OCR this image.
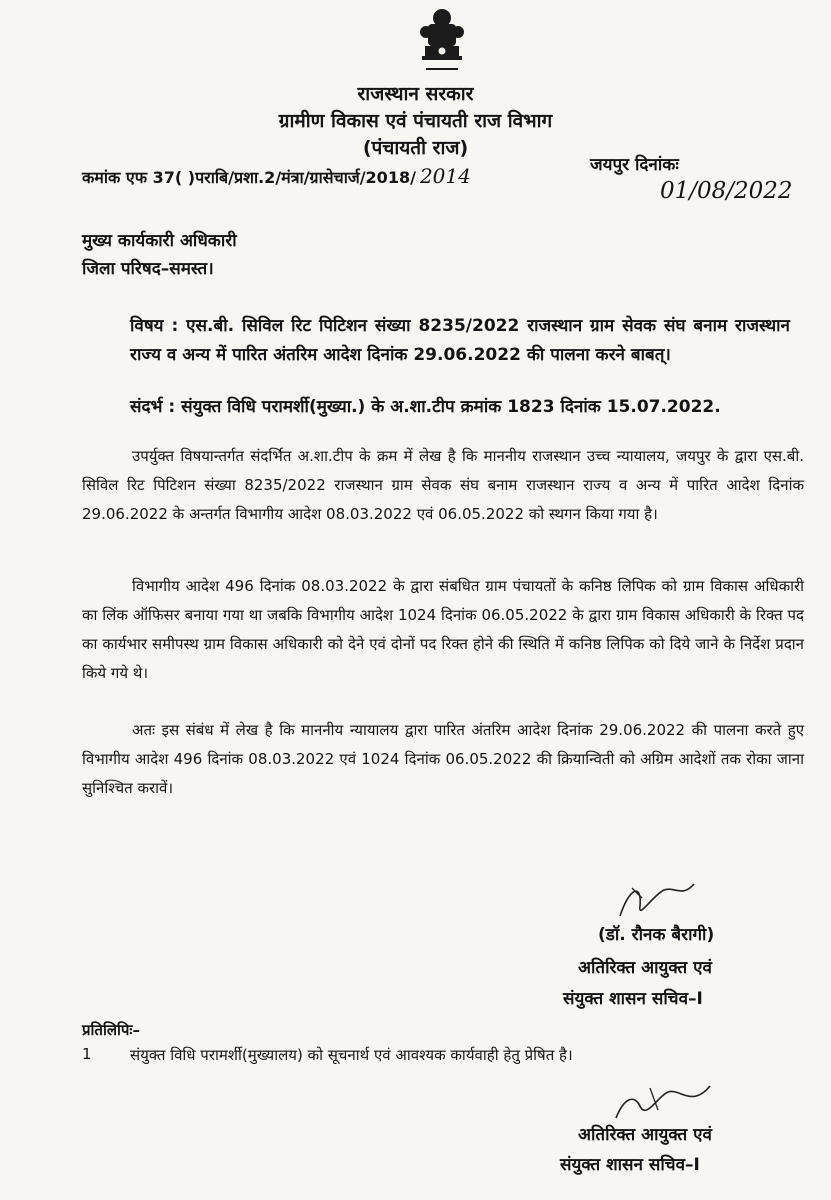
राजस्थान सरकार
ग्रामीण विकास एवं पंचायती राज विभाग
(पंचायती राज)
कमांक एफ 37( )पराबि/प्रशा.2/मंत्रा/ग्रासेचार्ज/2018/ 2014	जयपुर दिनांकः
01/08/2022
मुख्य कार्यकारी अधिकारी
जिला परिषद–समस्त।
विषय : एस.बी. सिविल रिट पिटिशन संख्या 8235/2022 राजस्थान ग्राम सेवक संघ बनाम राजस्थान राज्य व अन्य में पारित अंतरिम आदेश दिनांक 29.06.2022 की पालना करने बाबत्।
संदर्भ : संयुक्त विधि परामर्शी(मुख्या.) के अ.शा.टीप क्रमांक 1823 दिनांक 15.07.2022.
उपर्युक्त विषयान्तर्गत संदर्भित अ.शा.टीप के क्रम में लेख है कि माननीय राजस्थान उच्च न्यायालय, जयपुर के द्वारा एस.बी. सिविल रिट पिटिशन संख्या 8235/2022 राजस्थान ग्राम सेवक संघ बनाम राजस्थान राज्य व अन्य में पारित आदेश दिनांक 29.06.2022 के अन्तर्गत विभागीय आदेश 08.03.2022 एवं 06.05.2022 को स्थगन किया गया है।
विभागीय आदेश 496 दिनांक 08.03.2022 के द्वारा संबधित ग्राम पंचायतों के कनिष्ठ लिपिक को ग्राम विकास अधिकारी का लिंक ऑफिसर बनाया गया था जबकि विभागीय आदेश 1024 दिनांक 06.05.2022 के द्वारा ग्राम विकास अधिकारी के रिक्त पद का कार्यभार समीपस्थ ग्राम विकास अधिकारी को देने एवं दोनों पद रिक्त होने की स्थिति में कनिष्ठ लिपिक को दिये जाने के निर्देश प्रदान किये गये थे।
अतः इस संबंध में लेख है कि माननीय न्यायालय द्वारा पारित अंतरिम आदेश दिनांक 29.06.2022 की पालना करते हुए विभागीय आदेश 496 दिनांक 08.03.2022 एवं 1024 दिनांक 06.05.2022 की क्रियान्विती को अग्रिम आदेशों तक रोका जाना सुनिश्चित करावें।
(डॉ. रौनक बैरागी)
अतिरिक्त आयुक्त एवं
संयुक्त शासन सचिव–I
प्रतिलिपिः–
1	संयुक्त विधि परामर्शी(मुख्यालय) को सूचनार्थ एवं आवश्यक कार्यवाही हेतु प्रेषित है।
अतिरिक्त आयुक्त एवं
संयुक्त शासन सचिव–I
